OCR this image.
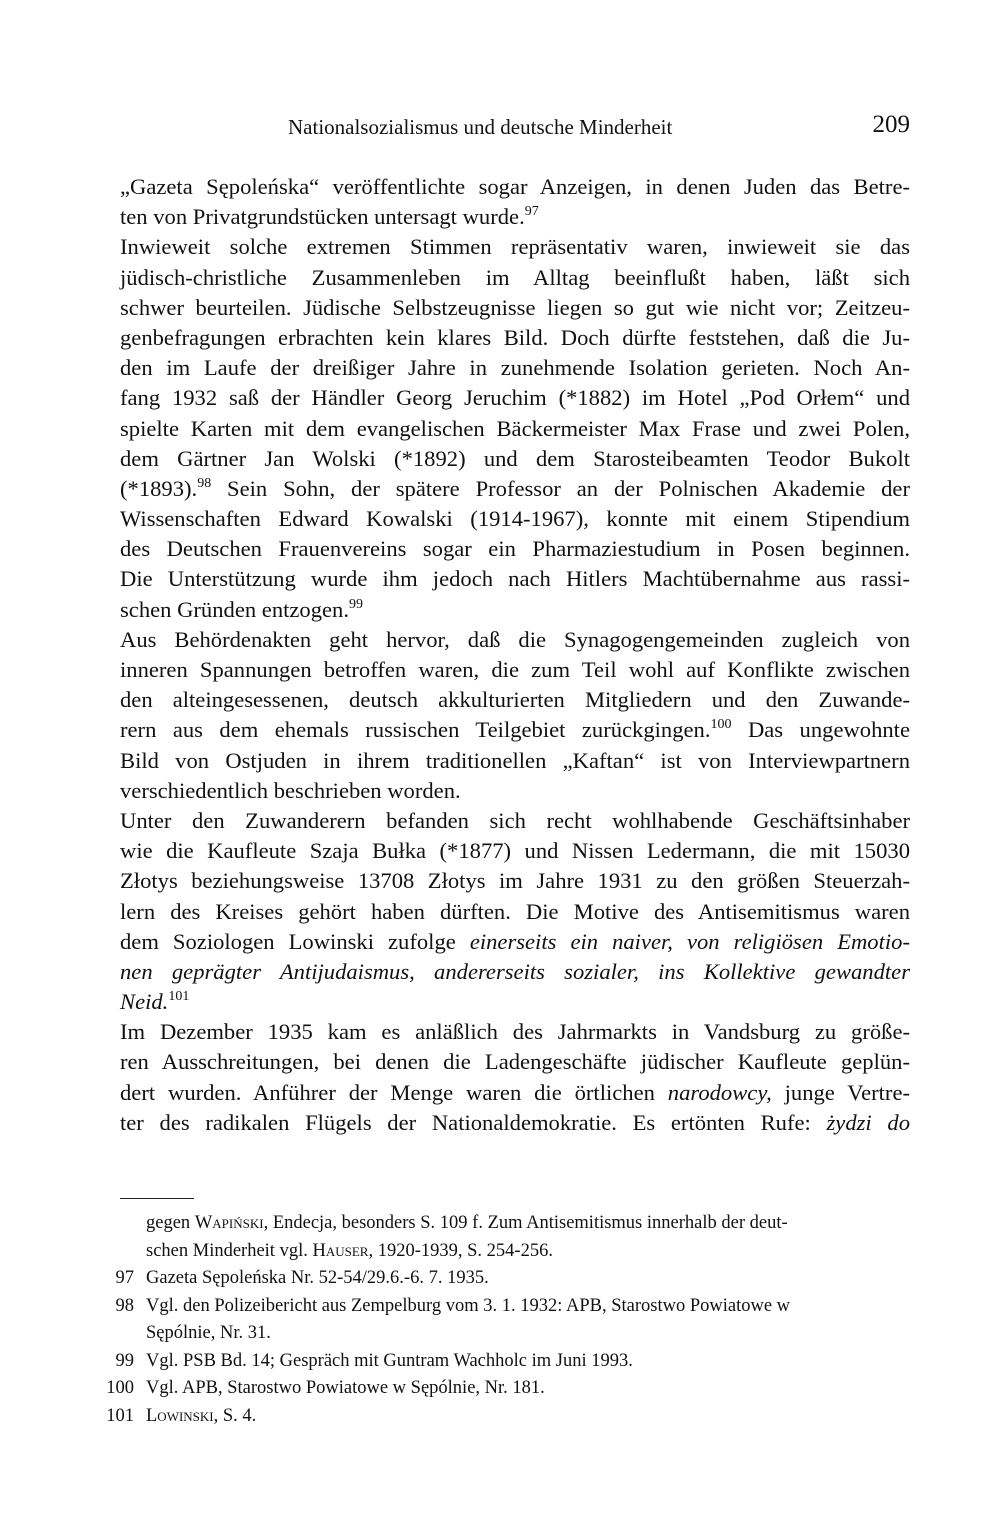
Nationalsozialismus und deutsche Minderheit	209
„Gazeta Sępoleńska“ veröffentlichte sogar Anzeigen, in denen Juden das Betre-
ten von Privatgrundstücken untersagt wurde.$^{97}$
Inwieweit solche extremen Stimmen repräsentativ waren, inwieweit sie das
jüdisch-christliche Zusammenleben im Alltag beeinflußt haben, läßt sich
schwer beurteilen. Jüdische Selbstzeugnisse liegen so gut wie nicht vor; Zeitzeu-
genbefragungen erbrachten kein klares Bild. Doch dürfte feststehen, daß die Ju-
den im Laufe der dreißiger Jahre in zunehmende Isolation gerieten. Noch An-
fang 1932 saß der Händler Georg Jeruchim (*1882) im Hotel „Pod Orłem“ und
spielte Karten mit dem evangelischen Bäckermeister Max Frase und zwei Polen,
dem Gärtner Jan Wolski (*1892) und dem Starosteibeamten Teodor Bukolt
(*1893).$^{98}$ Sein Sohn, der spätere Professor an der Polnischen Akademie der
Wissenschaften Edward Kowalski (1914-1967), konnte mit einem Stipendium
des Deutschen Frauenvereins sogar ein Pharmaziestudium in Posen beginnen.
Die Unterstützung wurde ihm jedoch nach Hitlers Machtübernahme aus rassi-
schen Gründen entzogen.$^{99}$
Aus Behördenakten geht hervor, daß die Synagogengemeinden zugleich von
inneren Spannungen betroffen waren, die zum Teil wohl auf Konflikte zwischen
den alteingesessenen, deutsch akkulturierten Mitgliedern und den Zuwande-
rern aus dem ehemals russischen Teilgebiet zurückgingen.$^{100}$ Das ungewohnte
Bild von Ostjuden in ihrem traditionellen „Kaftan“ ist von Interviewpartnern
verschiedentlich beschrieben worden.
Unter den Zuwanderern befanden sich recht wohlhabende Geschäftsinhaber
wie die Kaufleute Szaja Bułka (*1877) und Nissen Ledermann, die mit 15030
Złotys beziehungsweise 13708 Złotys im Jahre 1931 zu den größen Steuerzah-
lern des Kreises gehört haben dürften. Die Motive des Antisemitismus waren
dem Soziologen Lowinski zufolge einerseits ein naiver, von religiösen Emotio-
nen geprägter Antijudaismus, andererseits sozialer, ins Kollektive gewandter
Neid.$^{101}$
Im Dezember 1935 kam es anläßlich des Jahrmarkts in Vandsburg zu größe-
ren Ausschreitungen, bei denen die Ladengeschäfte jüdischer Kaufleute geplün-
dert wurden. Anführer der Menge waren die örtlichen narodowcy, junge Vertre-
ter des radikalen Flügels der Nationaldemokratie. Es ertönten Rufe: żydzi do
gegen Wapiński, Endecja, besonders S. 109 f. Zum Antisemitismus innerhalb der deut-
schen Minderheit vgl. Hauser, 1920-1939, S. 254-256.
97 Gazeta Sępoleńska Nr. 52-54/29.6.-6. 7. 1935.
98 Vgl. den Polizeibericht aus Zempelburg vom 3. 1. 1932: APB, Starostwo Powiatowe w
Sępólnie, Nr. 31.
99 Vgl. PSB Bd. 14; Gespräch mit Guntram Wachholc im Juni 1993.
100 Vgl. APB, Starostwo Powiatowe w Sępólnie, Nr. 181.
101 Lowinski, S. 4.
